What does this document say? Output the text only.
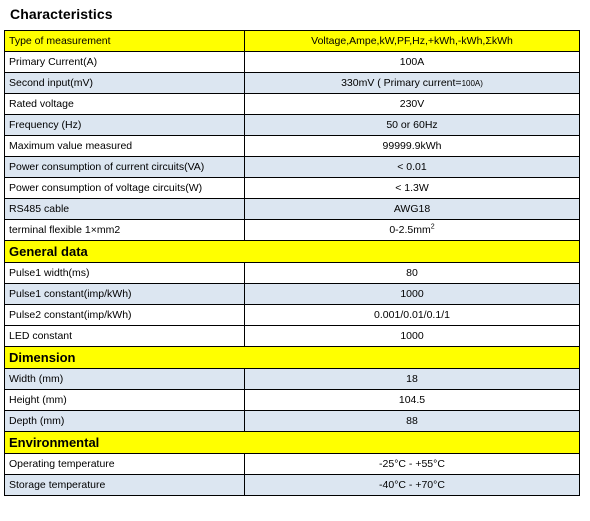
Characteristics
Type of measurement	Voltage,Ampe,kW,PF,Hz,+kWh,-kWh,ΣkWh
Primary Current(A)	100A
Second input(mV)	330mV ( Primary current=100A)
Rated voltage	230V
Frequency (Hz)	50 or 60Hz
Maximum value measured	99999.9kWh
Power consumption of current circuits(VA)	< 0.01
Power consumption of voltage circuits(W)	< 1.3W
RS485 cable	AWG18
terminal flexible 1×mm2	$0-2.5mm^2$
General data	
Pulse1 width(ms)	80
Pulse1 constant(imp/kWh)	1000
Pulse2 constant(imp/kWh)	0.001/0.01/0.1/1
LED constant	1000
Dimension	
Width (mm)	18
Height (mm)	104.5
Depth (mm)	88
Environmental	
Operating temperature	-25°C - +55°C
Storage temperature	-40°C - +70°C
